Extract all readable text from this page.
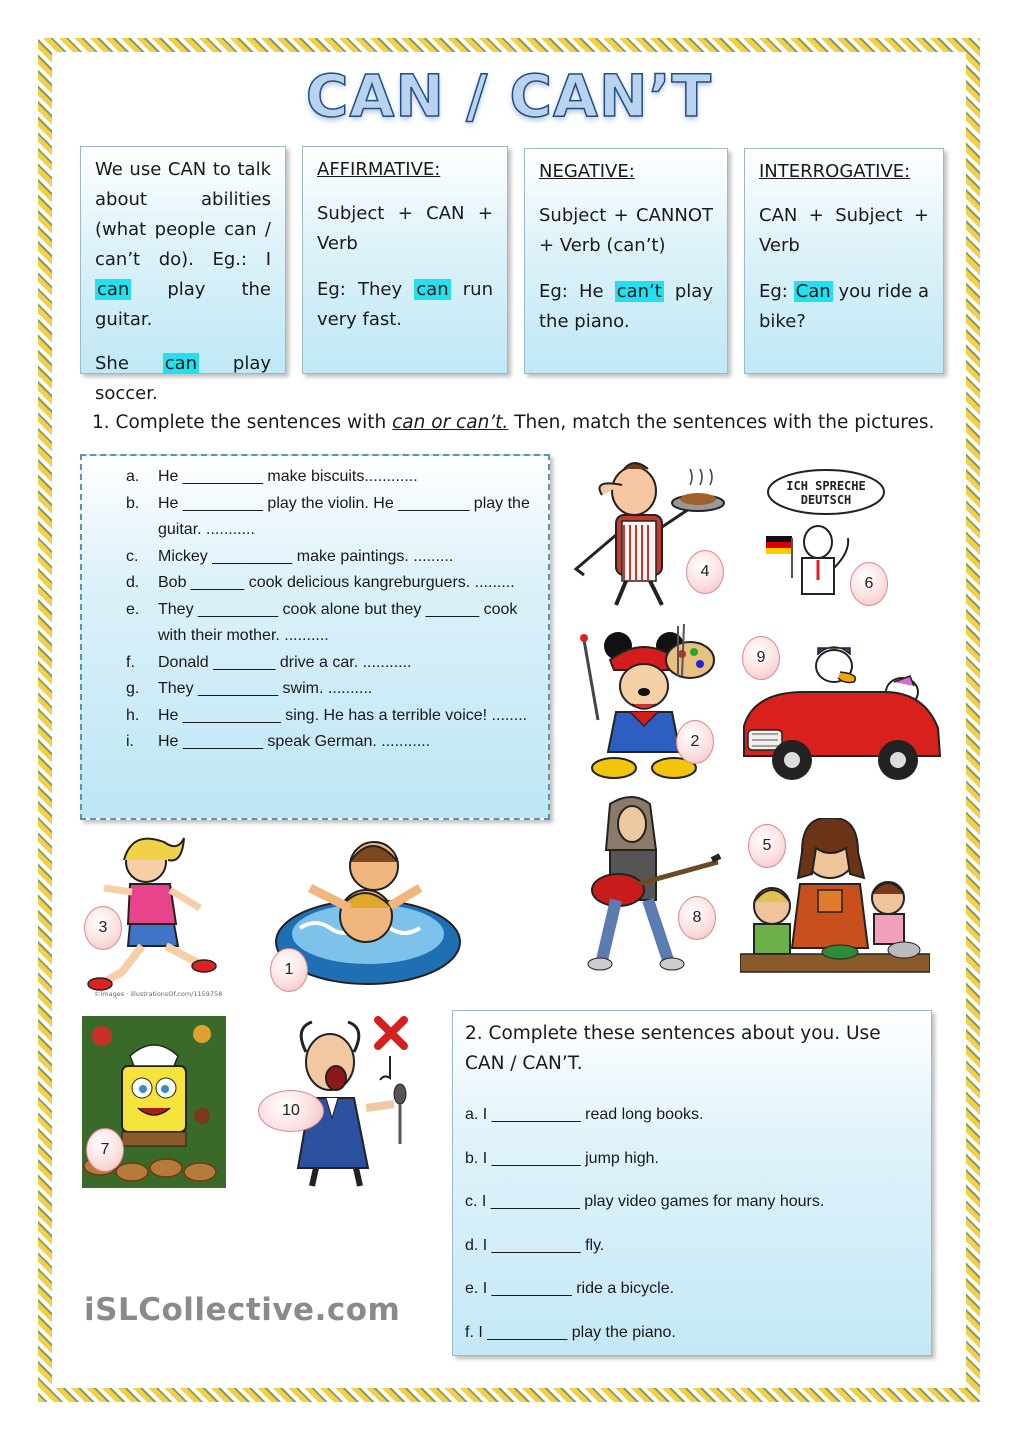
CAN / CAN’T

We use CAN to talk about abilities (what people can / can’t do). Eg.: I can play the guitar.

She can play soccer.

AFFIRMATIVE:

Subject + CAN + Verb

Eg: They can run very fast.

NEGATIVE:

Subject + CANNOT + Verb (can’t)

Eg: He can’t play the piano.

INTERROGATIVE:

CAN + Subject + Verb

Eg: Can you ride a bike?

1. Complete the sentences with can or can’t. Then, match the sentences with the pictures.
a. He _________ make biscuits............
b. He _________ play the violin. He ________ play the guitar. ...........
c. Mickey _________ make paintings. .........
d. Bob ______ cook delicious kangreburguers. .........
e. They _________ cook alone but they ______ cook with their mother. ..........
f. Donald _______ drive a car. ...........
g. They _________ swim. ..........
h. He ___________ sing. He has a terrible voice! ........
i. He _________ speak German. ...........
4
ICH SPRECHE
DEUTSCH
6
2
9
©images · illustrationsOf.com/1159758
3
1
8
5
7
10

2. Complete these sentences about you. Use CAN / CAN’T.

a. I __________ read long books.
b. I __________ jump high.
c. I __________ play video games for many hours.
d. I __________ fly.
e. I _________ ride a bicycle.
f. I _________ play the piano.
iSLCollective.com
